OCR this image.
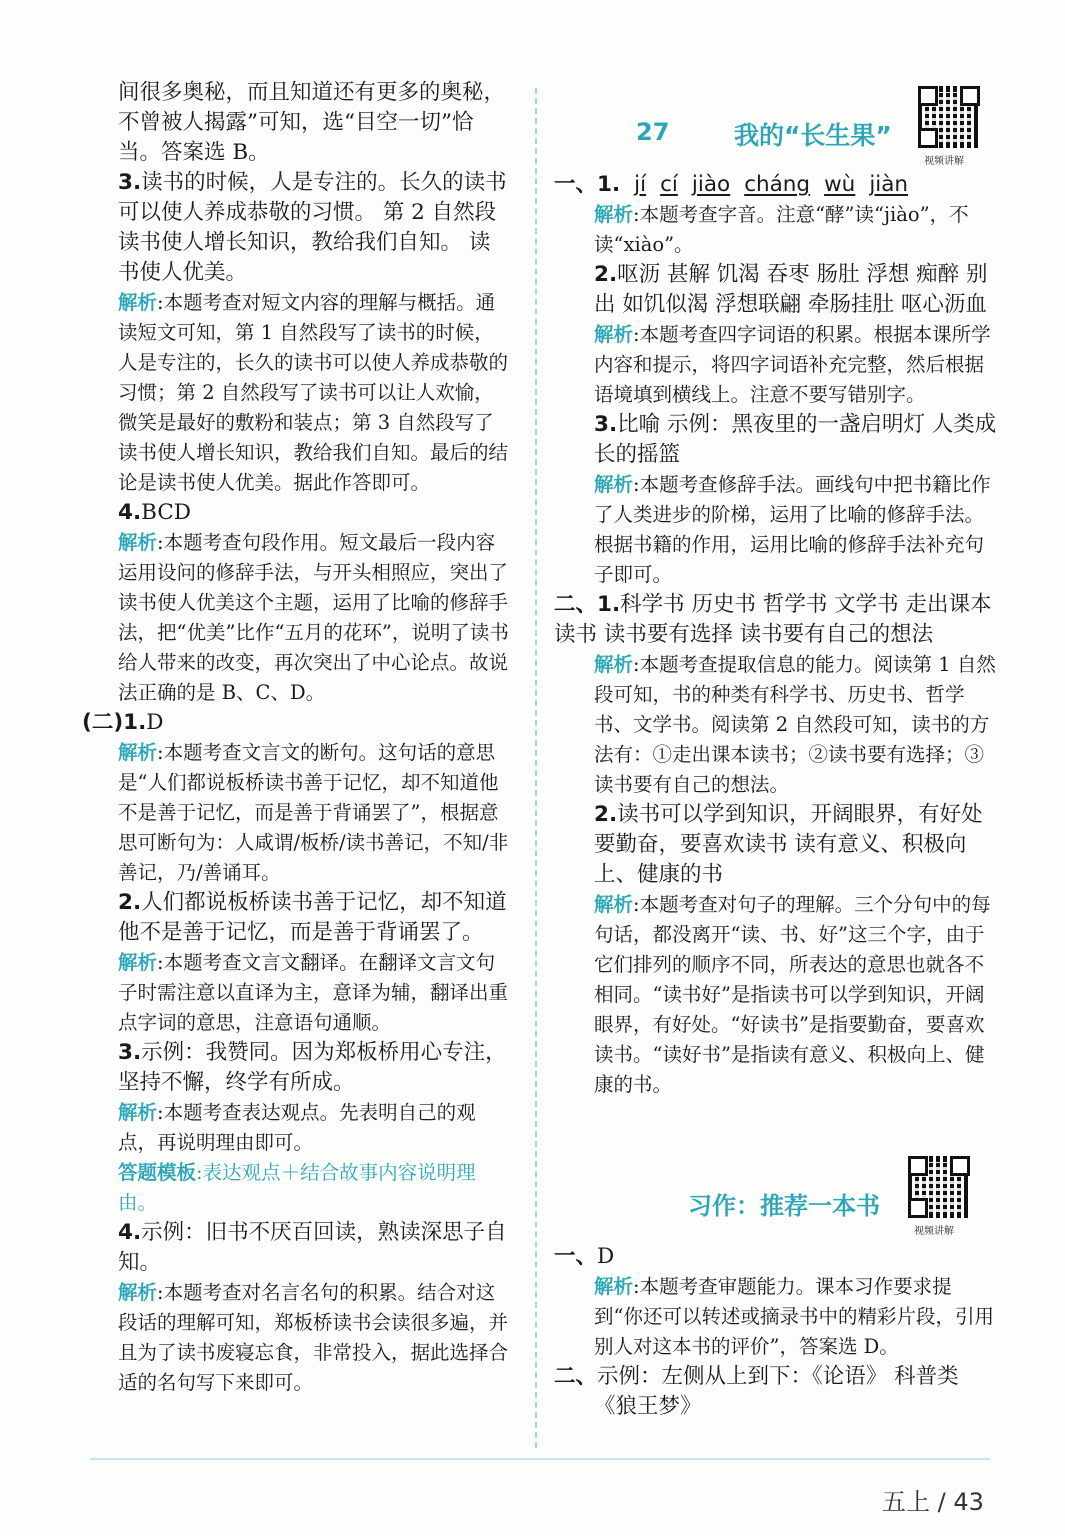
间很多奥秘，而且知道还有更多的奥秘，

不曾被人揭露”可知，选“目空一切”恰

当。答案选 B。

3.读书的时候，人是专注的。长久的读书可以使人养成恭敬的习惯。 第 2 自然段 读书使人增长知识，教给我们自知。 读书使人优美。

解析:本题考查对短文内容的理解与概括。通读短文可知，第 1 自然段写了读书的时候，人是专注的，长久的读书可以使人养成恭敬的习惯；第 2 自然段写了读书可以让人欢愉，微笑是最好的敷粉和装点；第 3 自然段写了读书使人增长知识，教给我们自知。最后的结论是读书使人优美。据此作答即可。

4.BCD

解析:本题考查句段作用。短文最后一段内容运用设问的修辞手法，与开头相照应，突出了读书使人优美这个主题，运用了比喻的修辞手法，把“优美”比作“五月的花环”，说明了读书给人带来的改变，再次突出了中心论点。故说法正确的是 B、C、D。

(二)1.D

解析:本题考查文言文的断句。这句话的意思是“人们都说板桥读书善于记忆，却不知道他不是善于记忆，而是善于背诵罢了”，根据意思可断句为：人咸谓/板桥/读书善记，不知/非善记，乃/善诵耳。

2.人们都说板桥读书善于记忆，却不知道他不是善于记忆，而是善于背诵罢了。

解析:本题考查文言文翻译。在翻译文言文句子时需注意以直译为主，意译为辅，翻译出重点字词的意思，注意语句通顺。

3.示例：我赞同。因为郑板桥用心专注，坚持不懈，终学有所成。

解析:本题考查表达观点。先表明自己的观点，再说明理由即可。

答题模板:表达观点＋结合故事内容说明理由。

4.示例：旧书不厌百回读，熟读深思子自知。

解析:本题考查对名言名句的积累。结合对这段话的理解可知，郑板桥读书会读很多遍，并且为了读书废寝忘食，非常投入，据此选择合适的名句写下来即可。

27	我的“长生果”
视频讲解

一、1. jí cí jiào cháng wù jiàn

解析:本题考查字音。注意“酵”读“jiào”，不读“xiào”。

2.呕沥 甚解 饥渴 吞枣 肠肚 浮想 痴醉 别出 如饥似渴 浮想联翩 牵肠挂肚 呕心沥血

解析:本题考查四字词语的积累。根据本课所学内容和提示，将四字词语补充完整，然后根据语境填到横线上。注意不要写错别字。

3.比喻 示例：黑夜里的一盏启明灯 人类成长的摇篮

解析:本题考查修辞手法。画线句中把书籍比作了人类进步的阶梯，运用了比喻的修辞手法。根据书籍的作用，运用比喻的修辞手法补充句子即可。

二、1.科学书 历史书 哲学书 文学书 走出课本读书 读书要有选择 读书要有自己的想法

解析:本题考查提取信息的能力。阅读第 1 自然段可知，书的种类有科学书、历史书、哲学书、文学书。阅读第 2 自然段可知，读书的方法有：①走出课本读书；②读书要有选择；③读书要有自己的想法。

2.读书可以学到知识，开阔眼界，有好处 要勤奋，要喜欢读书 读有意义、积极向上、健康的书

解析:本题考查对句子的理解。三个分句中的每句话，都没离开“读、书、好”这三个字，由于它们排列的顺序不同，所表达的意思也就各不相同。“读书好”是指读书可以学到知识，开阔眼界，有好处。“好读书”是指要勤奋，要喜欢读书。“读好书”是指读有意义、积极向上、健康的书。

习作：推荐一本书
视频讲解

一、D

解析:本题考查审题能力。课本习作要求提到“你还可以转述或摘录书中的精彩片段，引用别人对这本书的评价”，答案选 D。

二、示例：左侧从上到下：《论语》 科普类

《狼王梦》

五上 / 43
